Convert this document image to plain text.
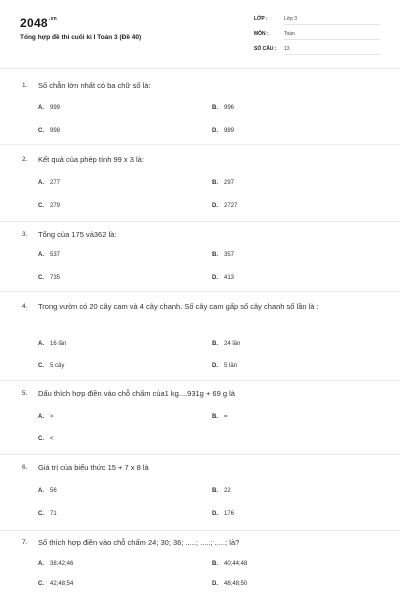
$2048^{.vn}$
Tổng hợp đề thi cuối kì I Toán 3 (Đề 40)
LỚP :	Lớp 3
MÔN :	Toán
SỐ CÂU :	13
1. Số chẵn lớn nhất có ba chữ số là:
A. 999	B. 996
C. 998	D. 989
2. Kết quả của phép tính 99 x 3 là:
A. 277	B. 297
C. 279	D. 2727
3. Tổng của 175 và362 là:
A. 537	B. 357
C. 735	D. 413
4. Trong vườn có 20 cây cam và 4 cây chanh. Số cây cam gấp số cây chanh số lần là :
A. 16 lần	B. 24 lần
C. 5 cây	D. 5 lần
5. Dấu thích hợp điền vào chỗ chấm của1 kg....931g + 69 g là
A. >	B. =
C. <
6. Giá trị của biểu thức 15 + 7 x 8 là
A. 56	B. 22
C. 71	D. 176
7. Số thích hợp điền vào chỗ chấm 24; 30; 36; .....; .....; .....; là?
A. 38;42;46	B. 40;44;48
C. 42;48;54	D. 46;48;50
